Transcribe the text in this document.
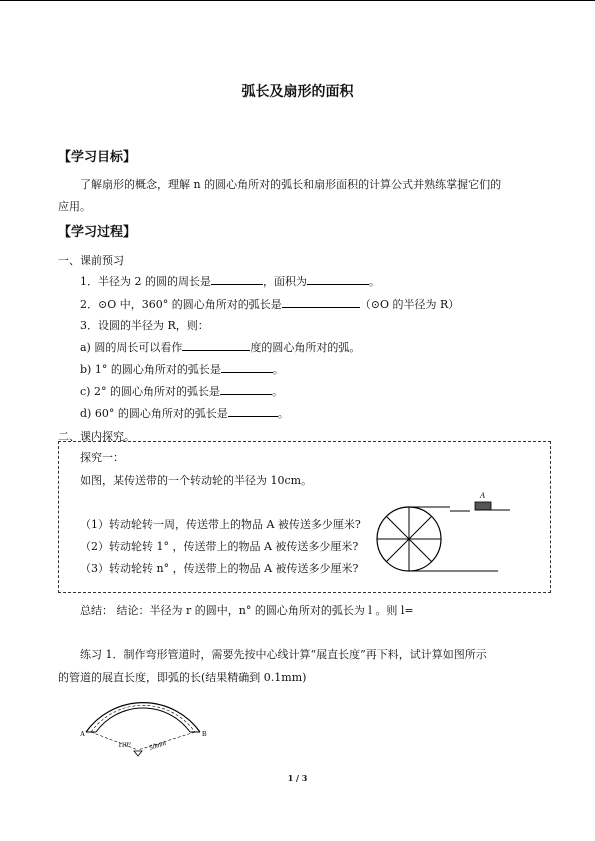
弧长及扇形的面积
【学习目标】
了解扇形的概念，理解 n 的圆心角所对的弧长和扇形面积的计算公式并熟练掌握它们的
应用。
【学习过程】
一、课前预习
1．半径为 2 的圆的周长是	，面积为	。
2．⊙O 中，360° 的圆心角所对的弧长是	（⊙O 的半径为 R）
3．设圆的半径为 R，则：
a) 圆的周长可以看作	度的圆心角所对的弧。
b) 1° 的圆心角所对的弧长是	。
c) 2° 的圆心角所对的弧长是	。
d) 60° 的圆心角所对的弧长是	。
二、课内探究。
探究一：
如图，某传送带的一个转动轮的半径为 10cm。
（1）转动轮转一周，传送带上的物品 A 被传送多少厘米?
（2）转动轮转 1° ，传送带上的物品 A 被传送多少厘米?
（3）转动轮转 n° ，传送带上的物品 A 被传送多少厘米?
A
总结： 结论：半径为 r 的圆中，n° 的圆心角所对的弧长为 l 。则 l=
练习 1．制作弯形管道时，需要先按中心线计算“展直长度”再下料，试计算如图所示
的管道的展直长度，即弧的长(结果精确到 0.1mm)
A	B
110° 50mm
1 / 3
